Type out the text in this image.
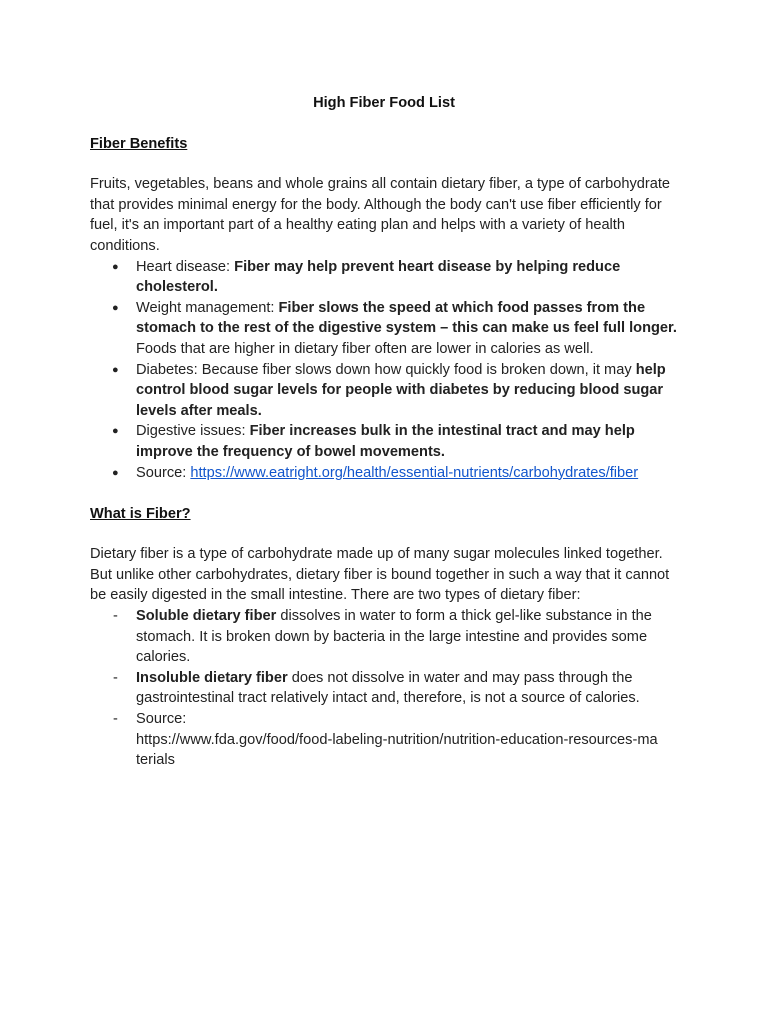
High Fiber Food List
Fiber Benefits

Fruits, vegetables, beans and whole grains all contain dietary fiber, a type of carbohydrate that provides minimal energy for the body. Although the body can't use fiber efficiently for fuel, it's an important part of a healthy eating plan and helps with a variety of health conditions.

● Heart disease: Fiber may help prevent heart disease by helping reduce cholesterol.
● Weight management: Fiber slows the speed at which food passes from the stomach to the rest of the digestive system – this can make us feel full longer. Foods that are higher in dietary fiber often are lower in calories as well.
● Diabetes: Because fiber slows down how quickly food is broken down, it may help control blood sugar levels for people with diabetes by reducing blood sugar levels after meals.
● Digestive issues: Fiber increases bulk in the intestinal tract and may help improve the frequency of bowel movements.
● Source: https://www.eatright.org/health/essential-nutrients/carbohydrates/fiber
What is Fiber?

Dietary fiber is a type of carbohydrate made up of many sugar molecules linked together. But unlike other carbohydrates, dietary fiber is bound together in such a way that it cannot be easily digested in the small intestine. There are two types of dietary fiber:

- Soluble dietary fiber dissolves in water to form a thick gel-like substance in the stomach. It is broken down by bacteria in the large intestine and provides some calories.
- Insoluble dietary fiber does not dissolve in water and may pass through the gastrointestinal tract relatively intact and, therefore, is not a source of calories.
- Source:
https://www.fda.gov/food/food-labeling-nutrition/nutrition-education-resources-ma
terials
